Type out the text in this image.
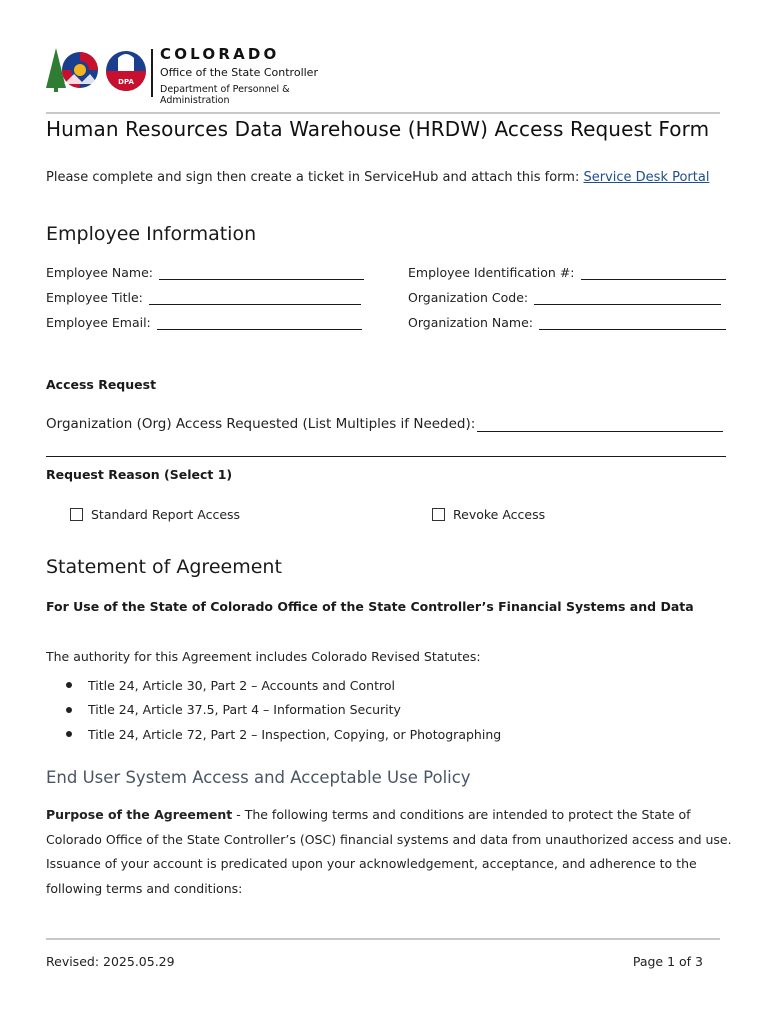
DPA
COLORADO
Office of the State Controller
Department of Personnel & Administration
Human Resources Data Warehouse (HRDW) Access Request Form
Please complete and sign then create a ticket in ServiceHub and attach this form: Service Desk Portal
Employee Information
Employee Name:
Employee Title:
Employee Email:
Employee Identification #:
Organization Code:
Organization Name:
Access Request
Organization (Org) Access Requested (List Multiples if Needed):
Request Reason (Select 1)
Standard Report Access	Revoke Access
Statement of Agreement
For Use of the State of Colorado Office of the State Controller’s Financial Systems and Data
The authority for this Agreement includes Colorado Revised Statutes:
Title 24, Article 30, Part 2 – Accounts and Control
Title 24, Article 37.5, Part 4 – Information Security
Title 24, Article 72, Part 2 – Inspection, Copying, or Photographing
End User System Access and Acceptable Use Policy
Purpose of the Agreement - The following terms and conditions are intended to protect the State of Colorado Office of the State Controller’s (OSC) financial systems and data from unauthorized access and use. Issuance of your account is predicated upon your acknowledgement, acceptance, and adherence to the following terms and conditions:
Revised: 2025.05.29	Page 1 of 3
